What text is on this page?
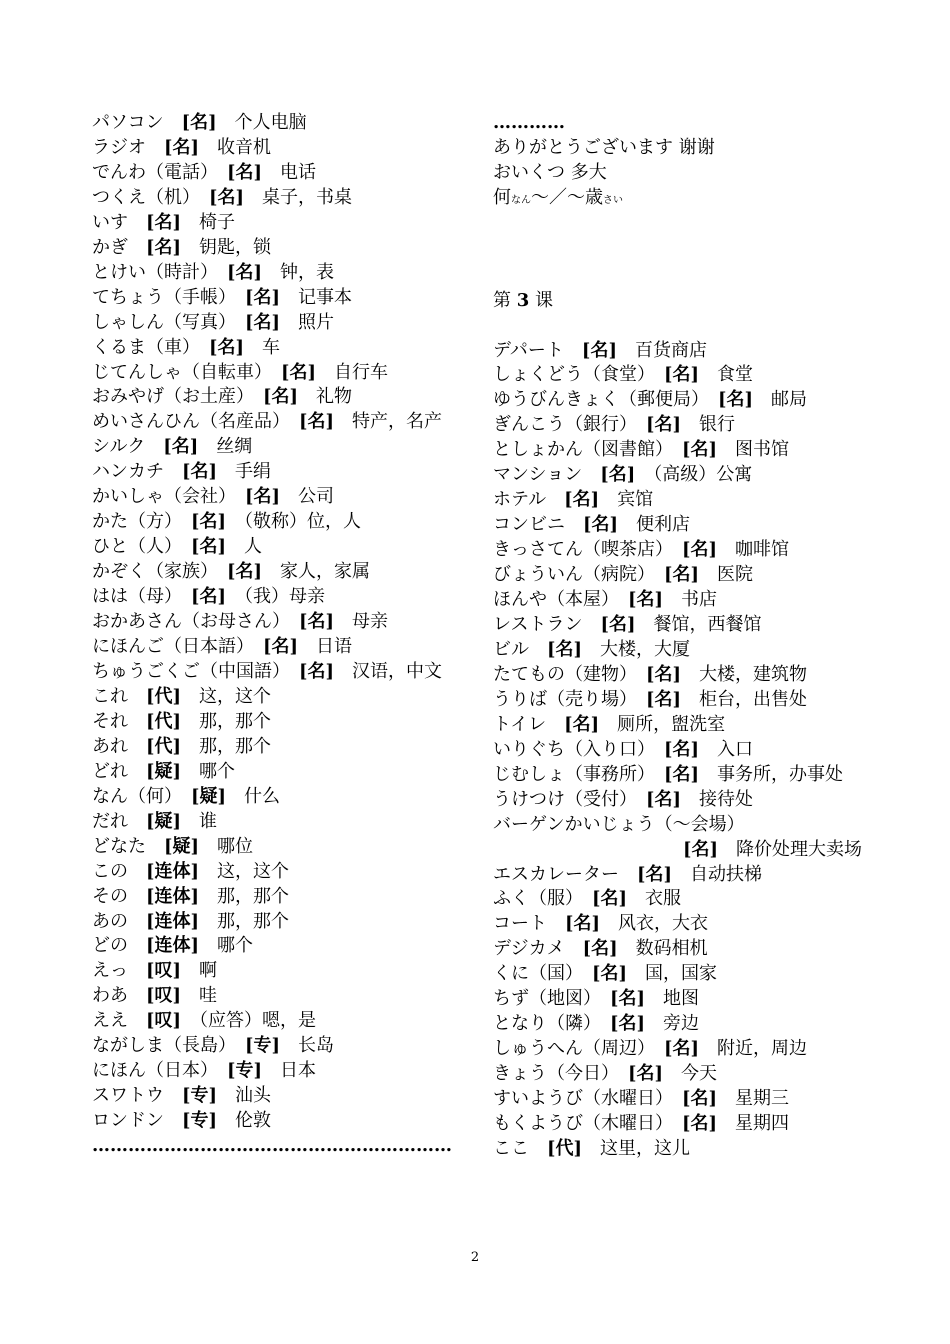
パソコン　[名]　个人电脑
ラジオ　[名]　收音机
でんわ（電話）　[名]　电话
つくえ（机）　[名]　桌子，书桌
いす　[名]　椅子
かぎ　[名]　钥匙，锁
とけい（時計）　[名]　钟，表
てちょう（手帳）　[名]　记事本
しゃしん（写真）　[名]　照片
くるま（車）　[名]　车
じてんしゃ（自転車）　[名]　自行车
おみやげ（お土産）　[名]　礼物
めいさんひん（名産品）　[名]　特产，名产
シルク　[名]　丝绸
ハンカチ　[名]　手绢
かいしゃ（会社）　[名]　公司
かた（方）　[名]　（敬称）位，人
ひと（人）　[名]　人
かぞく（家族）　[名]　家人，家属
はは（母）　[名]　（我）母亲
おかあさん（お母さん）　[名]　母亲
にほんご（日本語）　[名]　日语
ちゅうごくご（中国語）　[名]　汉语，中文
これ　[代]　这，这个
それ　[代]　那，那个
あれ　[代]　那，那个
どれ　[疑]　哪个
なん（何）　[疑]　什么
だれ　[疑]　谁
どなた　[疑]　哪位
この　[连体]　这，这个
その　[连体]　那，那个
あの　[连体]　那，那个
どの　[连体]　哪个
えっ　[叹]　啊
わあ　[叹]　哇
ええ　[叹]　（应答）嗯，是
ながしま（長島）　[专]　长岛
にほん（日本）　[专]　日本
スワトウ　[专]　汕头
ロンドン　[专]　伦敦
……………………………………………………
…………
ありがとうございます 谢谢
おいくつ 多大
何なん〜／〜歳さい
第 3 课
デパート　[名]　百货商店
しょくどう（食堂）　[名]　食堂
ゆうびんきょく（郵便局）　[名]　邮局
ぎんこう（銀行）　[名]　银行
としょかん（図書館）　[名]　图书馆
マンション　[名]　（高级）公寓
ホテル　[名]　宾馆
コンビニ　[名]　便利店
きっさてん（喫茶店）　[名]　咖啡馆
びょういん（病院）　[名]　医院
ほんや（本屋）　[名]　书店
レストラン　[名]　餐馆，西餐馆
ビル　[名]　大楼，大厦
たてもの（建物）　[名]　大楼，建筑物
うりば（売り場）　[名]　柜台，出售处
トイレ　[名]　厕所，盥洗室
いりぐち（入り口）　[名]　入口
じむしょ（事務所）　[名]　事务所，办事处
うけつけ（受付）　[名]　接待处
バーゲンかいじょう（〜会場）
[名]　降价处理大卖场
エスカレーター　[名]　自动扶梯
ふく（服）　[名]　衣服
コート　[名]　风衣，大衣
デジカメ　[名]　数码相机
くに（国）　[名]　国，国家
ちず（地図）　[名]　地图
となり（隣）　[名]　旁边
しゅうへん（周辺）　[名]　附近，周边
きょう（今日）　[名]　今天
すいようび（水曜日）　[名]　星期三
もくようび（木曜日）　[名]　星期四
ここ　[代]　这里，这儿
2
